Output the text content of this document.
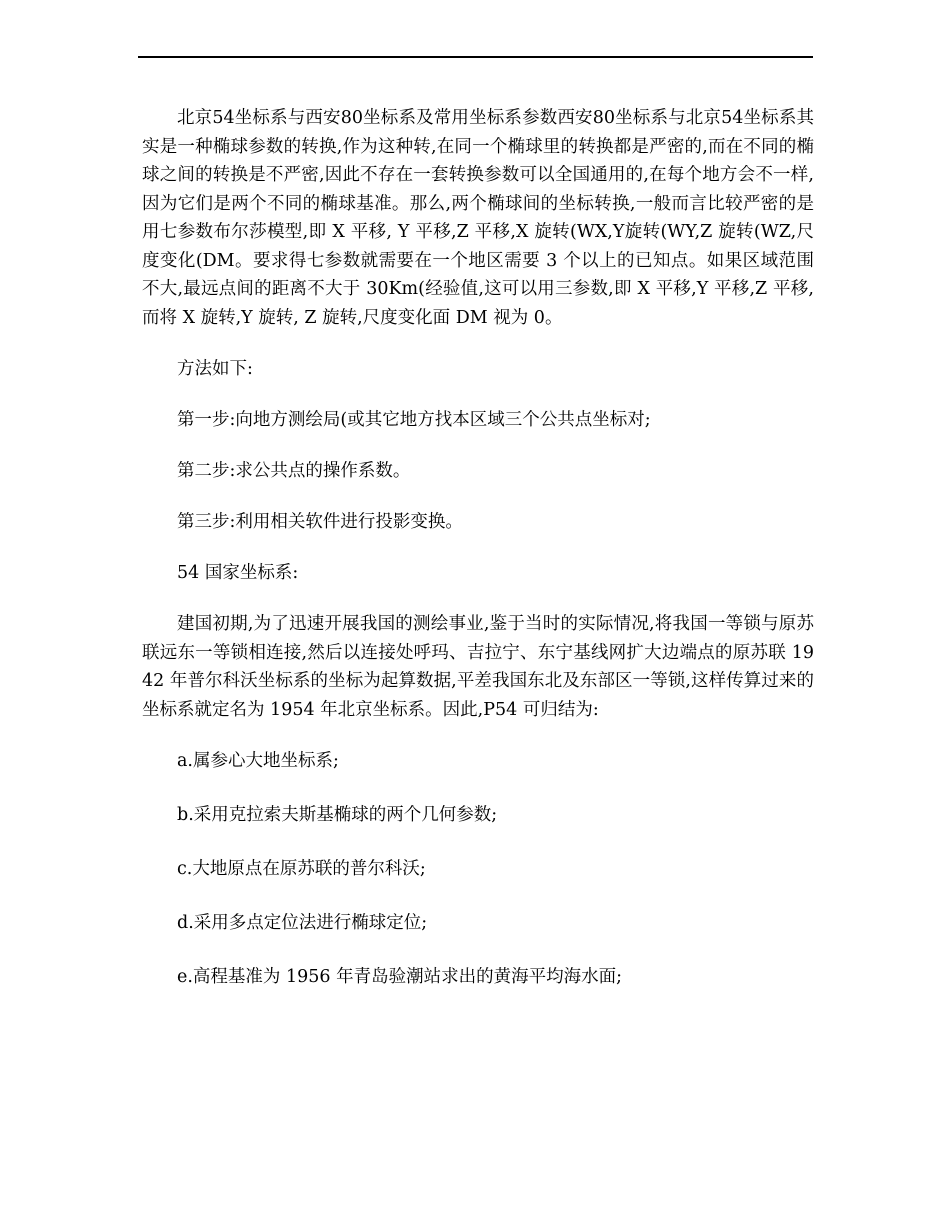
北京54坐标系与西安80坐标系及常用坐标系参数西安80坐标系与北京54坐标系其实是一种椭球参数的转换,作为这种转,在同一个椭球里的转换都是严密的,而在不同的椭球之间的转换是不严密,因此不存在一套转换参数可以全国通用的,在每个地方会不一样,因为它们是两个不同的椭球基准。那么,两个椭球间的坐标转换,一般而言比较严密的是用七参数布尔莎模型,即 X 平移, Y 平移,Z 平移,X 旋转(WX,Y旋转(WY,Z 旋转(WZ,尺度变化(DM。要求得七参数就需要在一个地区需要 3 个以上的已知点。如果区域范围不大,最远点间的距离不大于 30Km(经验值,这可以用三参数,即 X 平移,Y 平移,Z 平移,而将 X 旋转,Y 旋转, Z 旋转,尺度变化面 DM 视为 0。

方法如下:

第一步:向地方测绘局(或其它地方找本区域三个公共点坐标对;

第二步:求公共点的操作系数。

第三步:利用相关软件进行投影变换。

54 国家坐标系:

建国初期,为了迅速开展我国的测绘事业,鉴于当时的实际情况,将我国一等锁与原苏联远东一等锁相连接,然后以连接处呼玛、吉拉宁、东宁基线网扩大边端点的原苏联 1942 年普尔科沃坐标系的坐标为起算数据,平差我国东北及东部区一等锁,这样传算过来的坐标系就定名为 1954 年北京坐标系。因此,P54 可归结为:

a.属参心大地坐标系;

b.采用克拉索夫斯基椭球的两个几何参数;

c.大地原点在原苏联的普尔科沃;

d.采用多点定位法进行椭球定位;

e.高程基准为 1956 年青岛验潮站求出的黄海平均海水面;
